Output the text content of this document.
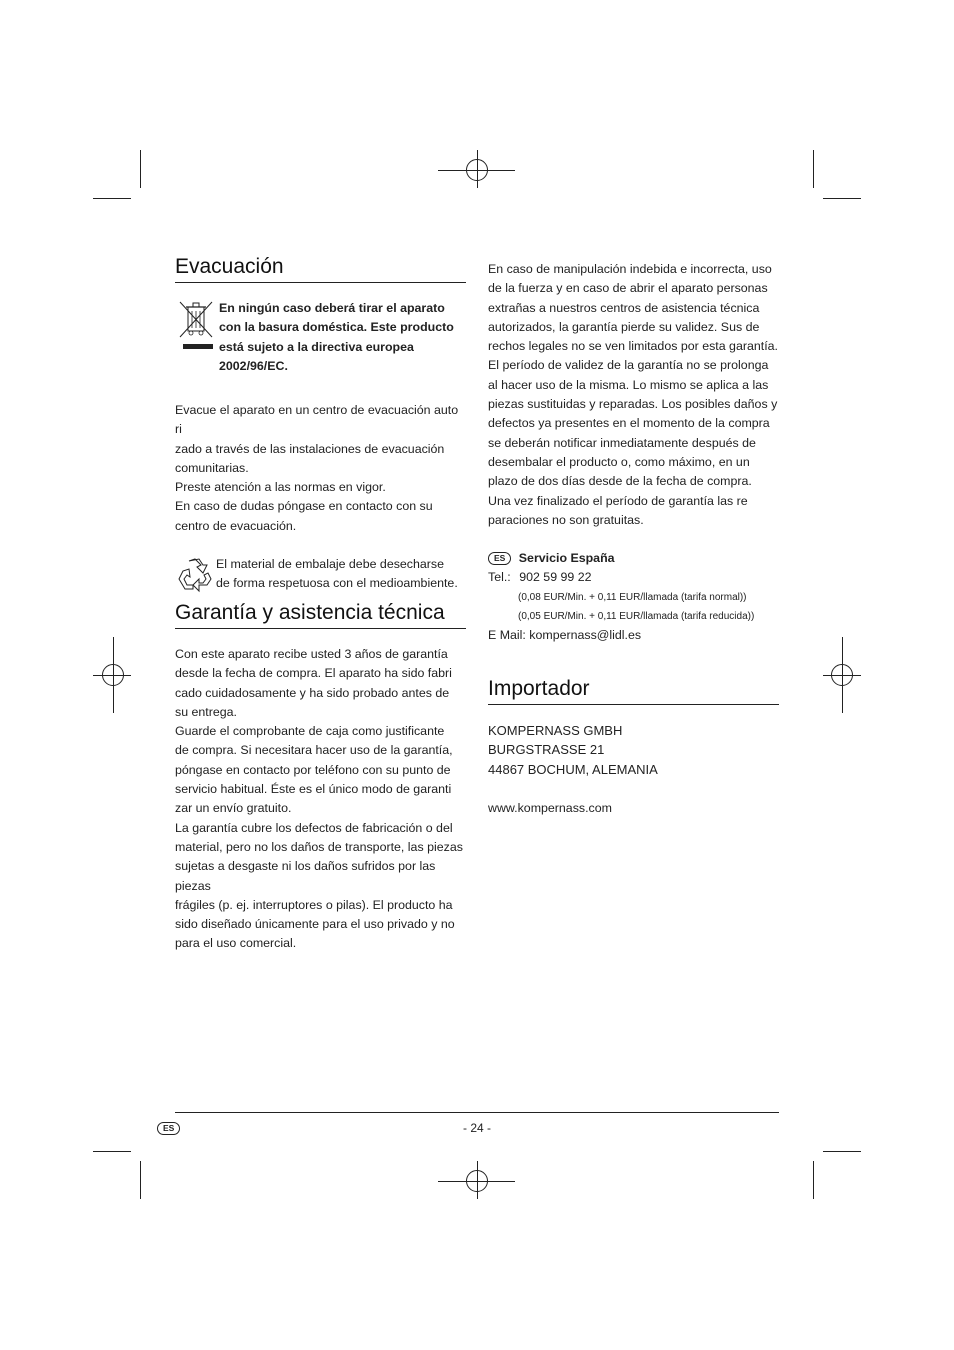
Evacuación

En ningún caso deberá tirar el aparato

con la basura doméstica. Este producto

está sujeto a la directiva europea

2002/96/EC.

Evacue el aparato en un centro de evacuación auto ri

zado a través de las instalaciones de evacuación

comunitarias.

Preste atención a las normas en vigor.

En caso de dudas póngase en contacto con su

centro de evacuación.

El material de embalaje debe desecharse

de forma respetuosa con el medioambiente.

Garantía y asistencia técnica

Con este aparato recibe usted 3 años de garantía

desde la fecha de compra. El aparato ha sido fabri

cado cuidadosamente y ha sido probado antes de

su entrega.

Guarde el comprobante de caja como justificante

de compra. Si necesitara hacer uso de la garantía,

póngase en contacto por teléfono con su punto de

servicio habitual. Éste es el único modo de garanti

zar un envío gratuito.

La garantía cubre los defectos de fabricación o del

material, pero no los daños de transporte, las piezas

sujetas a desgaste ni los daños sufridos por las piezas

frágiles (p. ej. interruptores o pilas). El producto ha

sido diseñado únicamente para el uso privado y no

para el uso comercial.

En caso de manipulación indebida e incorrecta, uso

de la fuerza y en caso de abrir el aparato personas

extrañas a nuestros centros de asistencia técnica

autorizados, la garantía pierde su validez. Sus de

rechos legales no se ven limitados por esta garantía.

El período de validez de la garantía no se prolonga

al hacer uso de la misma. Lo mismo se aplica a las

piezas sustituidas y reparadas. Los posibles daños y

defectos ya presentes en el momento de la compra

se deberán notificar inmediatamente después de

desembalar el producto o, como máximo, en un

plazo de dos días desde de la fecha de compra.

Una vez finalizado el período de garantía las re

paraciones no son gratuitas.

ES Servicio España

Tel.: 902 59 99 22

(0,08 EUR/Min. + 0,11 EUR/llamada (tarifa normal))

(0,05 EUR/Min. + 0,11 EUR/llamada (tarifa reducida))

E Mail: kompernass@lidl.es

Importador

KOMPERNASS GMBH

BURGSTRASSE 21

44867 BOCHUM, ALEMANIA

www.kompernass.com

ES	- 24 -
